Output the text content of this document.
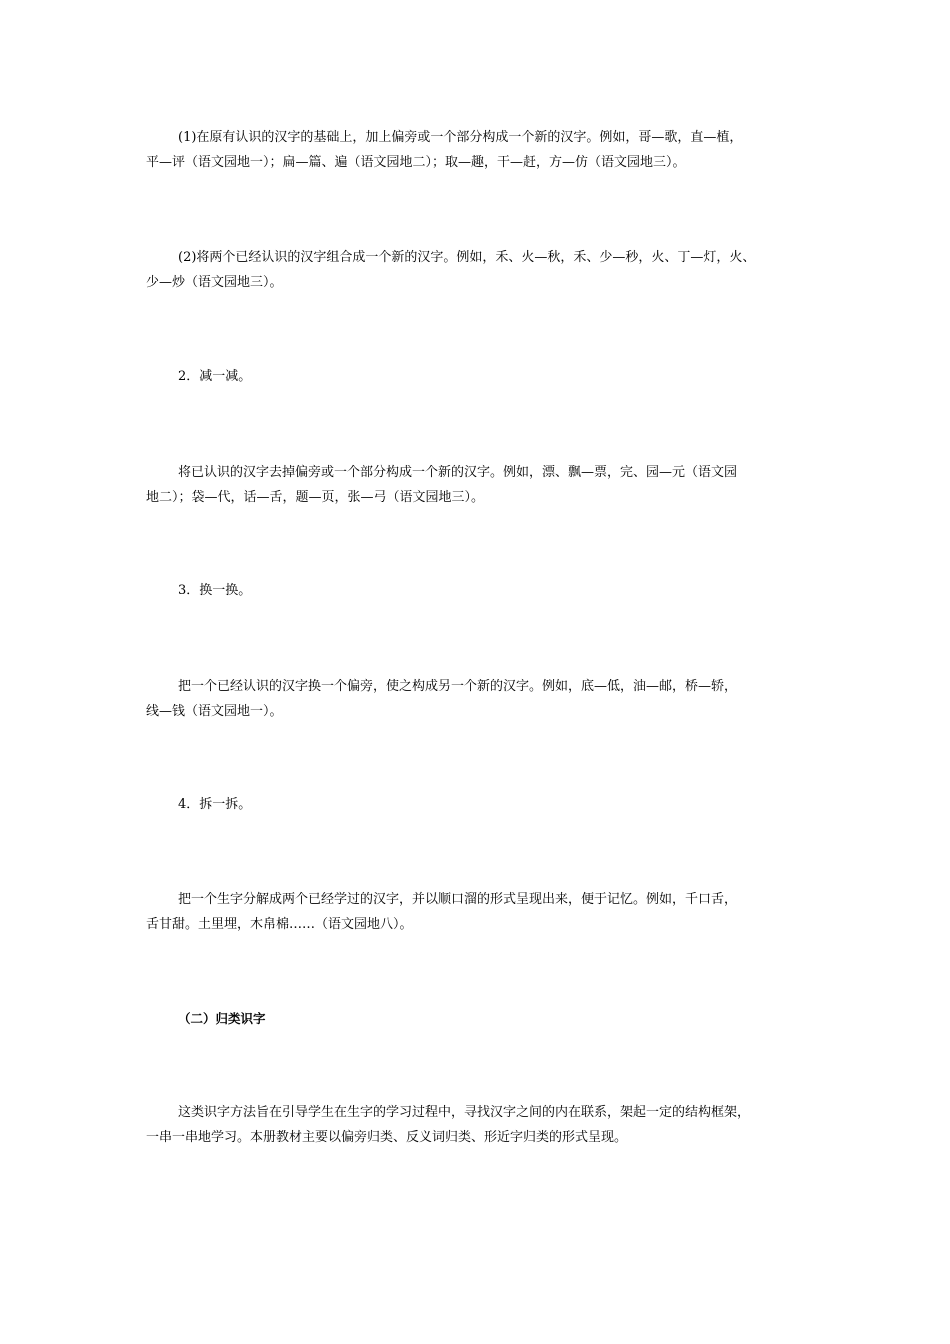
(1)在原有认识的汉字的基础上，加上偏旁或一个部分构成一个新的汉字。例如，哥—歌，直—植，
平—评（语文园地一）；扁—篇、遍（语文园地二）；取—趣，干—赶，方—仿（语文园地三）。

(2)将两个已经认识的汉字组合成一个新的汉字。例如，禾、火—秋，禾、少—秒，火、丁—灯，火、
少—炒（语文园地三）。

2．减一减。

将已认识的汉字去掉偏旁或一个部分构成一个新的汉字。例如，漂、飘—票，完、园—元（语文园
地二）；袋—代，话—舌，题—页，张—弓（语文园地三）。

3．换一换。

把一个已经认识的汉字换一个偏旁，使之构成另一个新的汉字。例如，底—低，油—邮，桥—轿，
线—钱（语文园地一）。

4．拆一拆。

把一个生字分解成两个已经学过的汉字，并以顺口溜的形式呈现出来，便于记忆。例如，千口舌，
舌甘甜。土里埋，木帛棉……（语文园地八）。

（二）归类识字

这类识字方法旨在引导学生在生字的学习过程中，寻找汉字之间的内在联系，架起一定的结构框架，
一串一串地学习。本册教材主要以偏旁归类、反义词归类、形近字归类的形式呈现。
